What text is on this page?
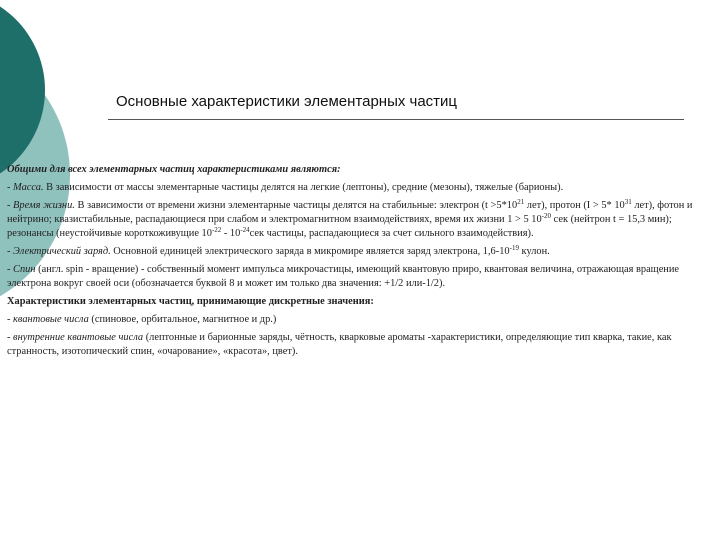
Основные характеристики элементарных частиц

Общими для всех элементарных частиц характеристиками являются:

- Масса. В зависимости от массы элементарные частицы делятся на легкие (лептоны), средние (мезоны), тяжелые (барионы).

- Время жизни. В зависимости от времени жизни элементарные частицы делятся на стабильные: электрон ($t >5*10^{21}$ лет), протон (I > 5* $10^{31}$ лет), фотон и нейтрино; квазистабильные, распадающиеся при слабом и электромагнитном взаимодействиях, время их жизни 1 > 5 $10^{-20}$ сек (нейтрон t = 15,3 мин); резонансы (неустойчивые короткоживущие $10^{-22} - 10^{-24}сек$ частицы, распадающиеся за счет сильного взаимодействия).

- Электрический заряд. Основной единицей электрического заряда в микромире является заряд электрона, $1,6-10^{-19}$ кулон.

- Спин (англ. spin - вращение) - собственный момент импульса микрочастицы, имеющий квантовую приро, квантовая величина, отражающая вращение электрона вокруг своей оси (обозначается буквой 8 и может им только два значения: +1/2 или-1/2).

Характеристики элементарных частиц, принимающие дискретные значения:

- квантовые числа (спиновое, орбитальное, магнитное и др.)

- внутренние квантовые числа (лептонные и барионные заряды, чётность, кварковые ароматы -характеристики, определяющие тип кварка, такие, как странность, изотопический спин, «очарование», «красота», цвет).
